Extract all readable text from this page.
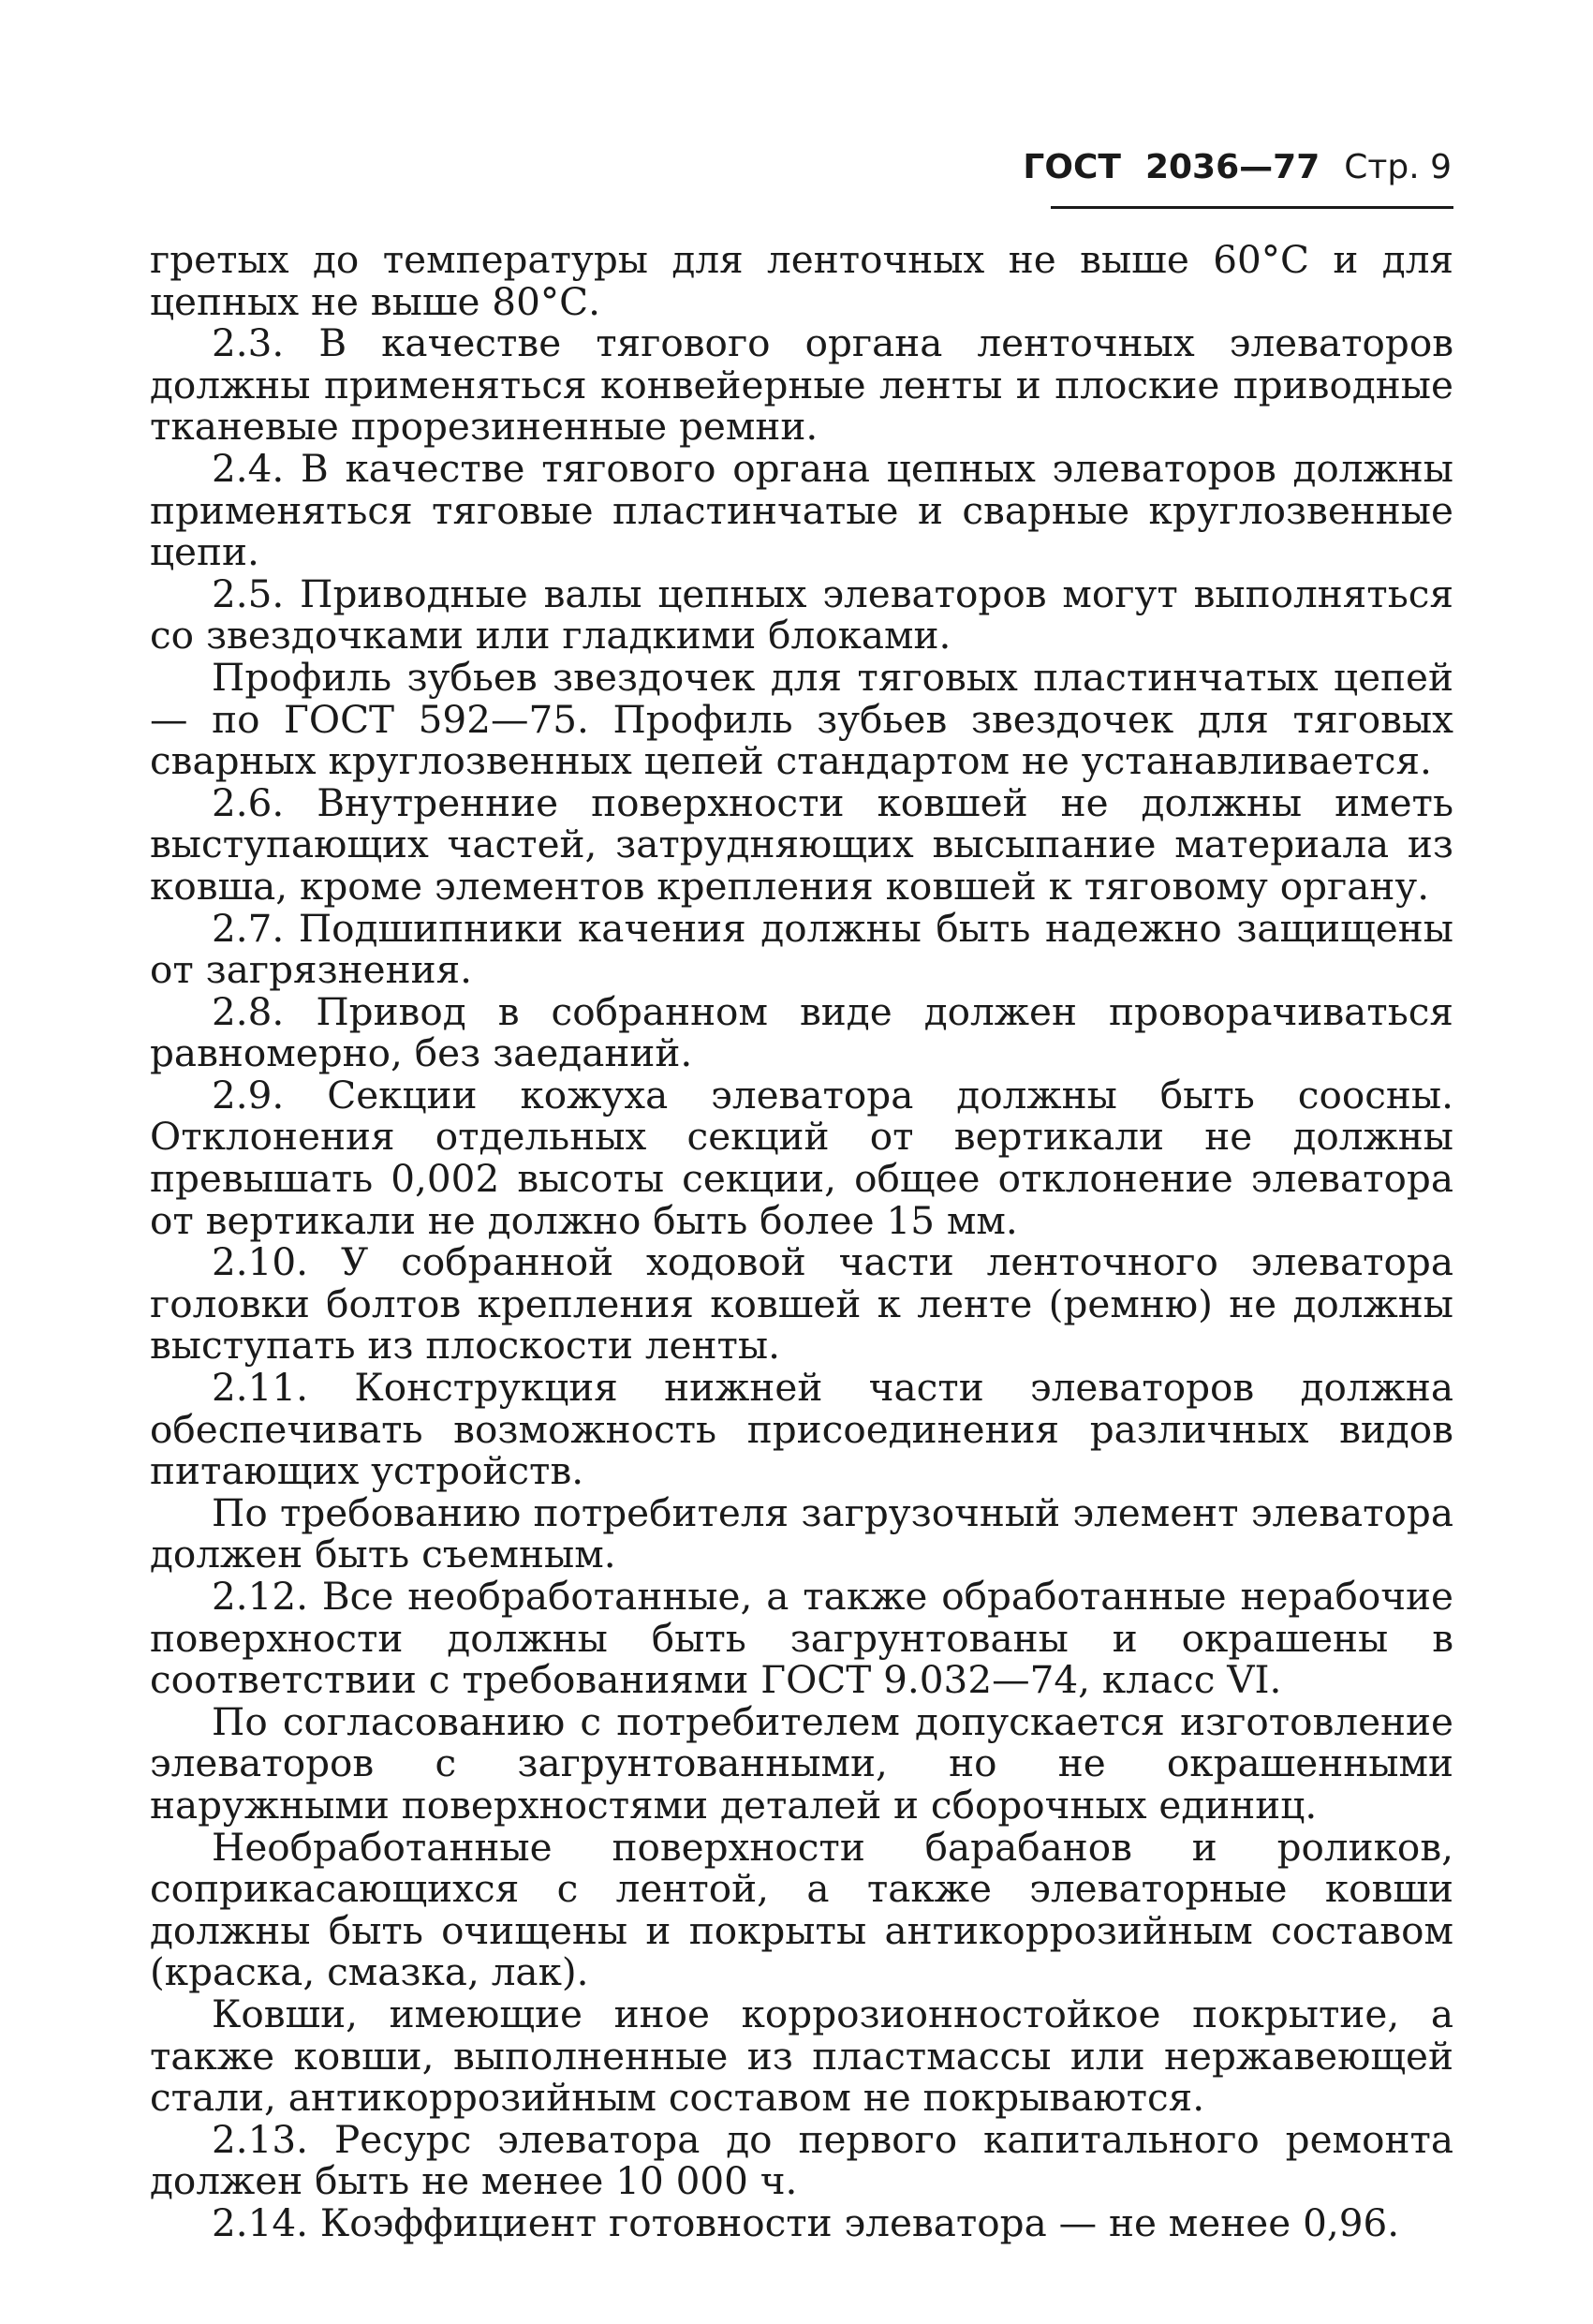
ГОСТ 2036—77 Стр. 9

гретых до температуры для ленточных не выше 60°С и для цепных не выше 80°С.

2.3. В качестве тягового органа ленточных элеваторов должны применяться конвейерные ленты и плоские приводные тканевые прорезиненные ремни.

2.4. В качестве тягового органа цепных элеваторов должны применяться тяговые пластинчатые и сварные круглозвенные цепи.

2.5. Приводные валы цепных элеваторов могут выполняться со звездочками или гладкими блоками.

Профиль зубьев звездочек для тяговых пластинчатых цепей — по ГОСТ 592—75. Профиль зубьев звездочек для тяговых сварных круглозвенных цепей стандартом не устанавливается.

2.6. Внутренние поверхности ковшей не должны иметь выступающих частей, затрудняющих высыпание материала из ковша, кроме элементов крепления ковшей к тяговому органу.

2.7. Подшипники качения должны быть надежно защищены от загрязнения.

2.8. Привод в собранном виде должен проворачиваться равномерно, без заеданий.

2.9. Секции кожуха элеватора должны быть соосны. Отклонения отдельных секций от вертикали не должны превышать 0,002 высоты секции, общее отклонение элеватора от вертикали не должно быть более 15 мм.

2.10. У собранной ходовой части ленточного элеватора головки болтов крепления ковшей к ленте (ремню) не должны выступать из плоскости ленты.

2.11. Конструкция нижней части элеваторов должна обеспечивать возможность присоединения различных видов питающих устройств.

По требованию потребителя загрузочный элемент элеватора должен быть съемным.

2.12. Все необработанные, а также обработанные нерабочие поверхности должны быть загрунтованы и окрашены в соответствии с требованиями ГОСТ 9.032—74, класс VI.

По согласованию с потребителем допускается изготовление элеваторов с загрунтованными, но не окрашенными наружными поверхностями деталей и сборочных единиц.

Необработанные поверхности барабанов и роликов, соприкасающихся с лентой, а также элеваторные ковши должны быть очищены и покрыты антикоррозийным составом (краска, смазка, лак).

Ковши, имеющие иное коррозионностойкое покрытие, а также ковши, выполненные из пластмассы или нержавеющей стали, антикоррозийным составом не покрываются.

2.13. Ресурс элеватора до первого капитального ремонта должен быть не менее 10 000 ч.

2.14. Коэффициент готовности элеватора — не менее 0,96.
